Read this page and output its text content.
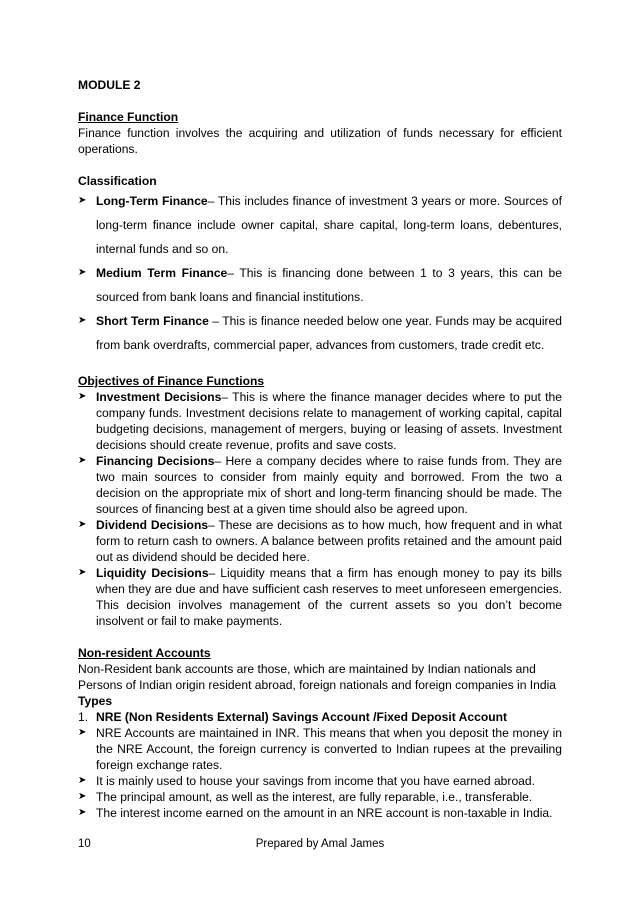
MODULE 2

Finance Function

Finance function involves the acquiring and utilization of funds necessary for efficient operations.

Classification

➤ Long-Term Finance– This includes finance of investment 3 years or more. Sources of long-term finance include owner capital, share capital, long-term loans, debentures, internal funds and so on.
➤ Medium Term Finance– This is financing done between 1 to 3 years, this can be sourced from bank loans and financial institutions.
➤ Short Term Finance – This is finance needed below one year. Funds may be acquired from bank overdrafts, commercial paper, advances from customers, trade credit etc.

Objectives of Finance Functions

➤ Investment Decisions– This is where the finance manager decides where to put the company funds. Investment decisions relate to management of working capital, capital budgeting decisions, management of mergers, buying or leasing of assets. Investment decisions should create revenue, profits and save costs.
➤ Financing Decisions– Here a company decides where to raise funds from. They are two main sources to consider from mainly equity and borrowed. From the two a decision on the appropriate mix of short and long-term financing should be made. The sources of financing best at a given time should also be agreed upon.
➤ Dividend Decisions– These are decisions as to how much, how frequent and in what form to return cash to owners. A balance between profits retained and the amount paid out as dividend should be decided here.
➤ Liquidity Decisions– Liquidity means that a firm has enough money to pay its bills when they are due and have sufficient cash reserves to meet unforeseen emergencies. This decision involves management of the current assets so you don’t become insolvent or fail to make payments.

Non-resident Accounts

Non-Resident bank accounts are those, which are maintained by Indian nationals and Persons of Indian origin resident abroad, foreign nationals and foreign companies in India

Types

1. NRE (Non Residents External) Savings Account /Fixed Deposit Account
➤ NRE Accounts are maintained in INR. This means that when you deposit the money in the NRE Account, the foreign currency is converted to Indian rupees at the prevailing foreign exchange rates.
➤ It is mainly used to house your savings from income that you have earned abroad.
➤ The principal amount, as well as the interest, are fully reparable, i.e., transferable.
➤ The interest income earned on the amount in an NRE account is non-taxable in India.
10	Prepared by Amal James
